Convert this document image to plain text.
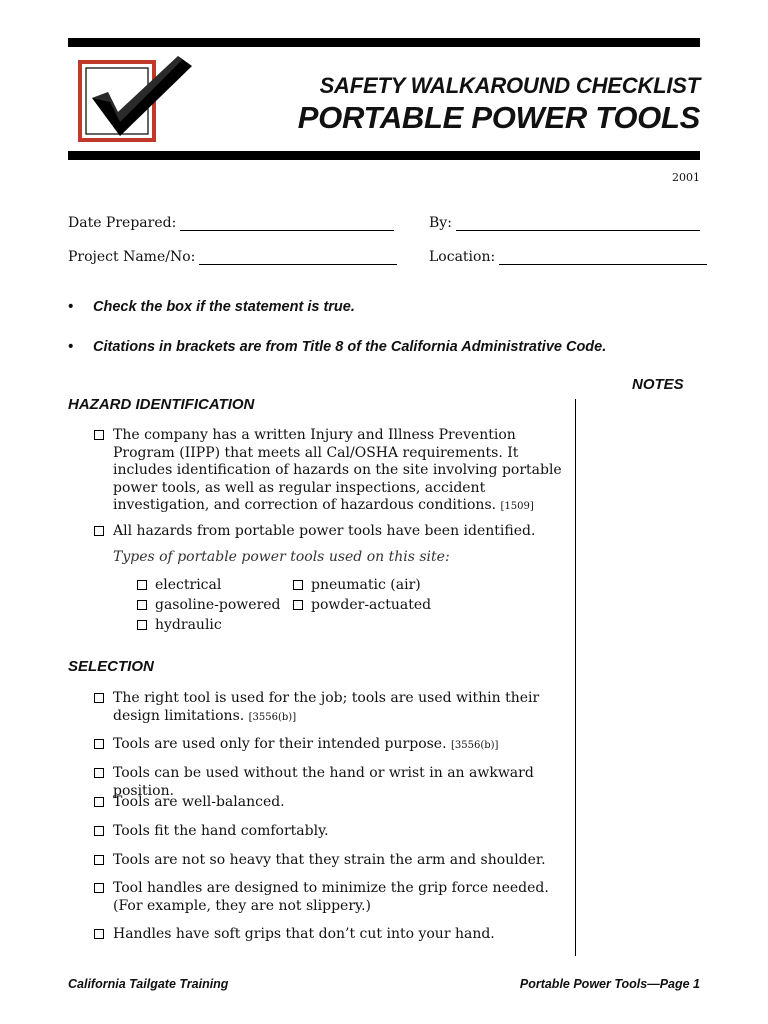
SAFETY WALKAROUND CHECKLIST
PORTABLE POWER TOOLS
2001
Date Prepared:	By:
Project Name/No:	Location:
•	Check the box if the statement is true.
•	Citations in brackets are from Title 8 of the California Administrative Code.
NOTES
HAZARD IDENTIFICATION
The company has a written Injury and Illness Prevention Program (IIPP) that meets all Cal/OSHA requirements. It includes identification of hazards on the site involving portable power tools, as well as regular inspections, accident investigation, and correction of hazardous conditions. [1509]
All hazards from portable power tools have been identified.
Types of portable power tools used on this site:
electrical
gasoline-powered
hydraulic
pneumatic (air)
powder-actuated
SELECTION
The right tool is used for the job; tools are used within their design limitations. [3556(b)]
Tools are used only for their intended purpose. [3556(b)]
Tools can be used without the hand or wrist in an awkward position.
Tools are well-balanced.
Tools fit the hand comfortably.
Tools are not so heavy that they strain the arm and shoulder.
Tool handles are designed to minimize the grip force needed. (For example, they are not slippery.)
Handles have soft grips that don’t cut into your hand.
California Tailgate Training	Portable Power Tools—Page 1
